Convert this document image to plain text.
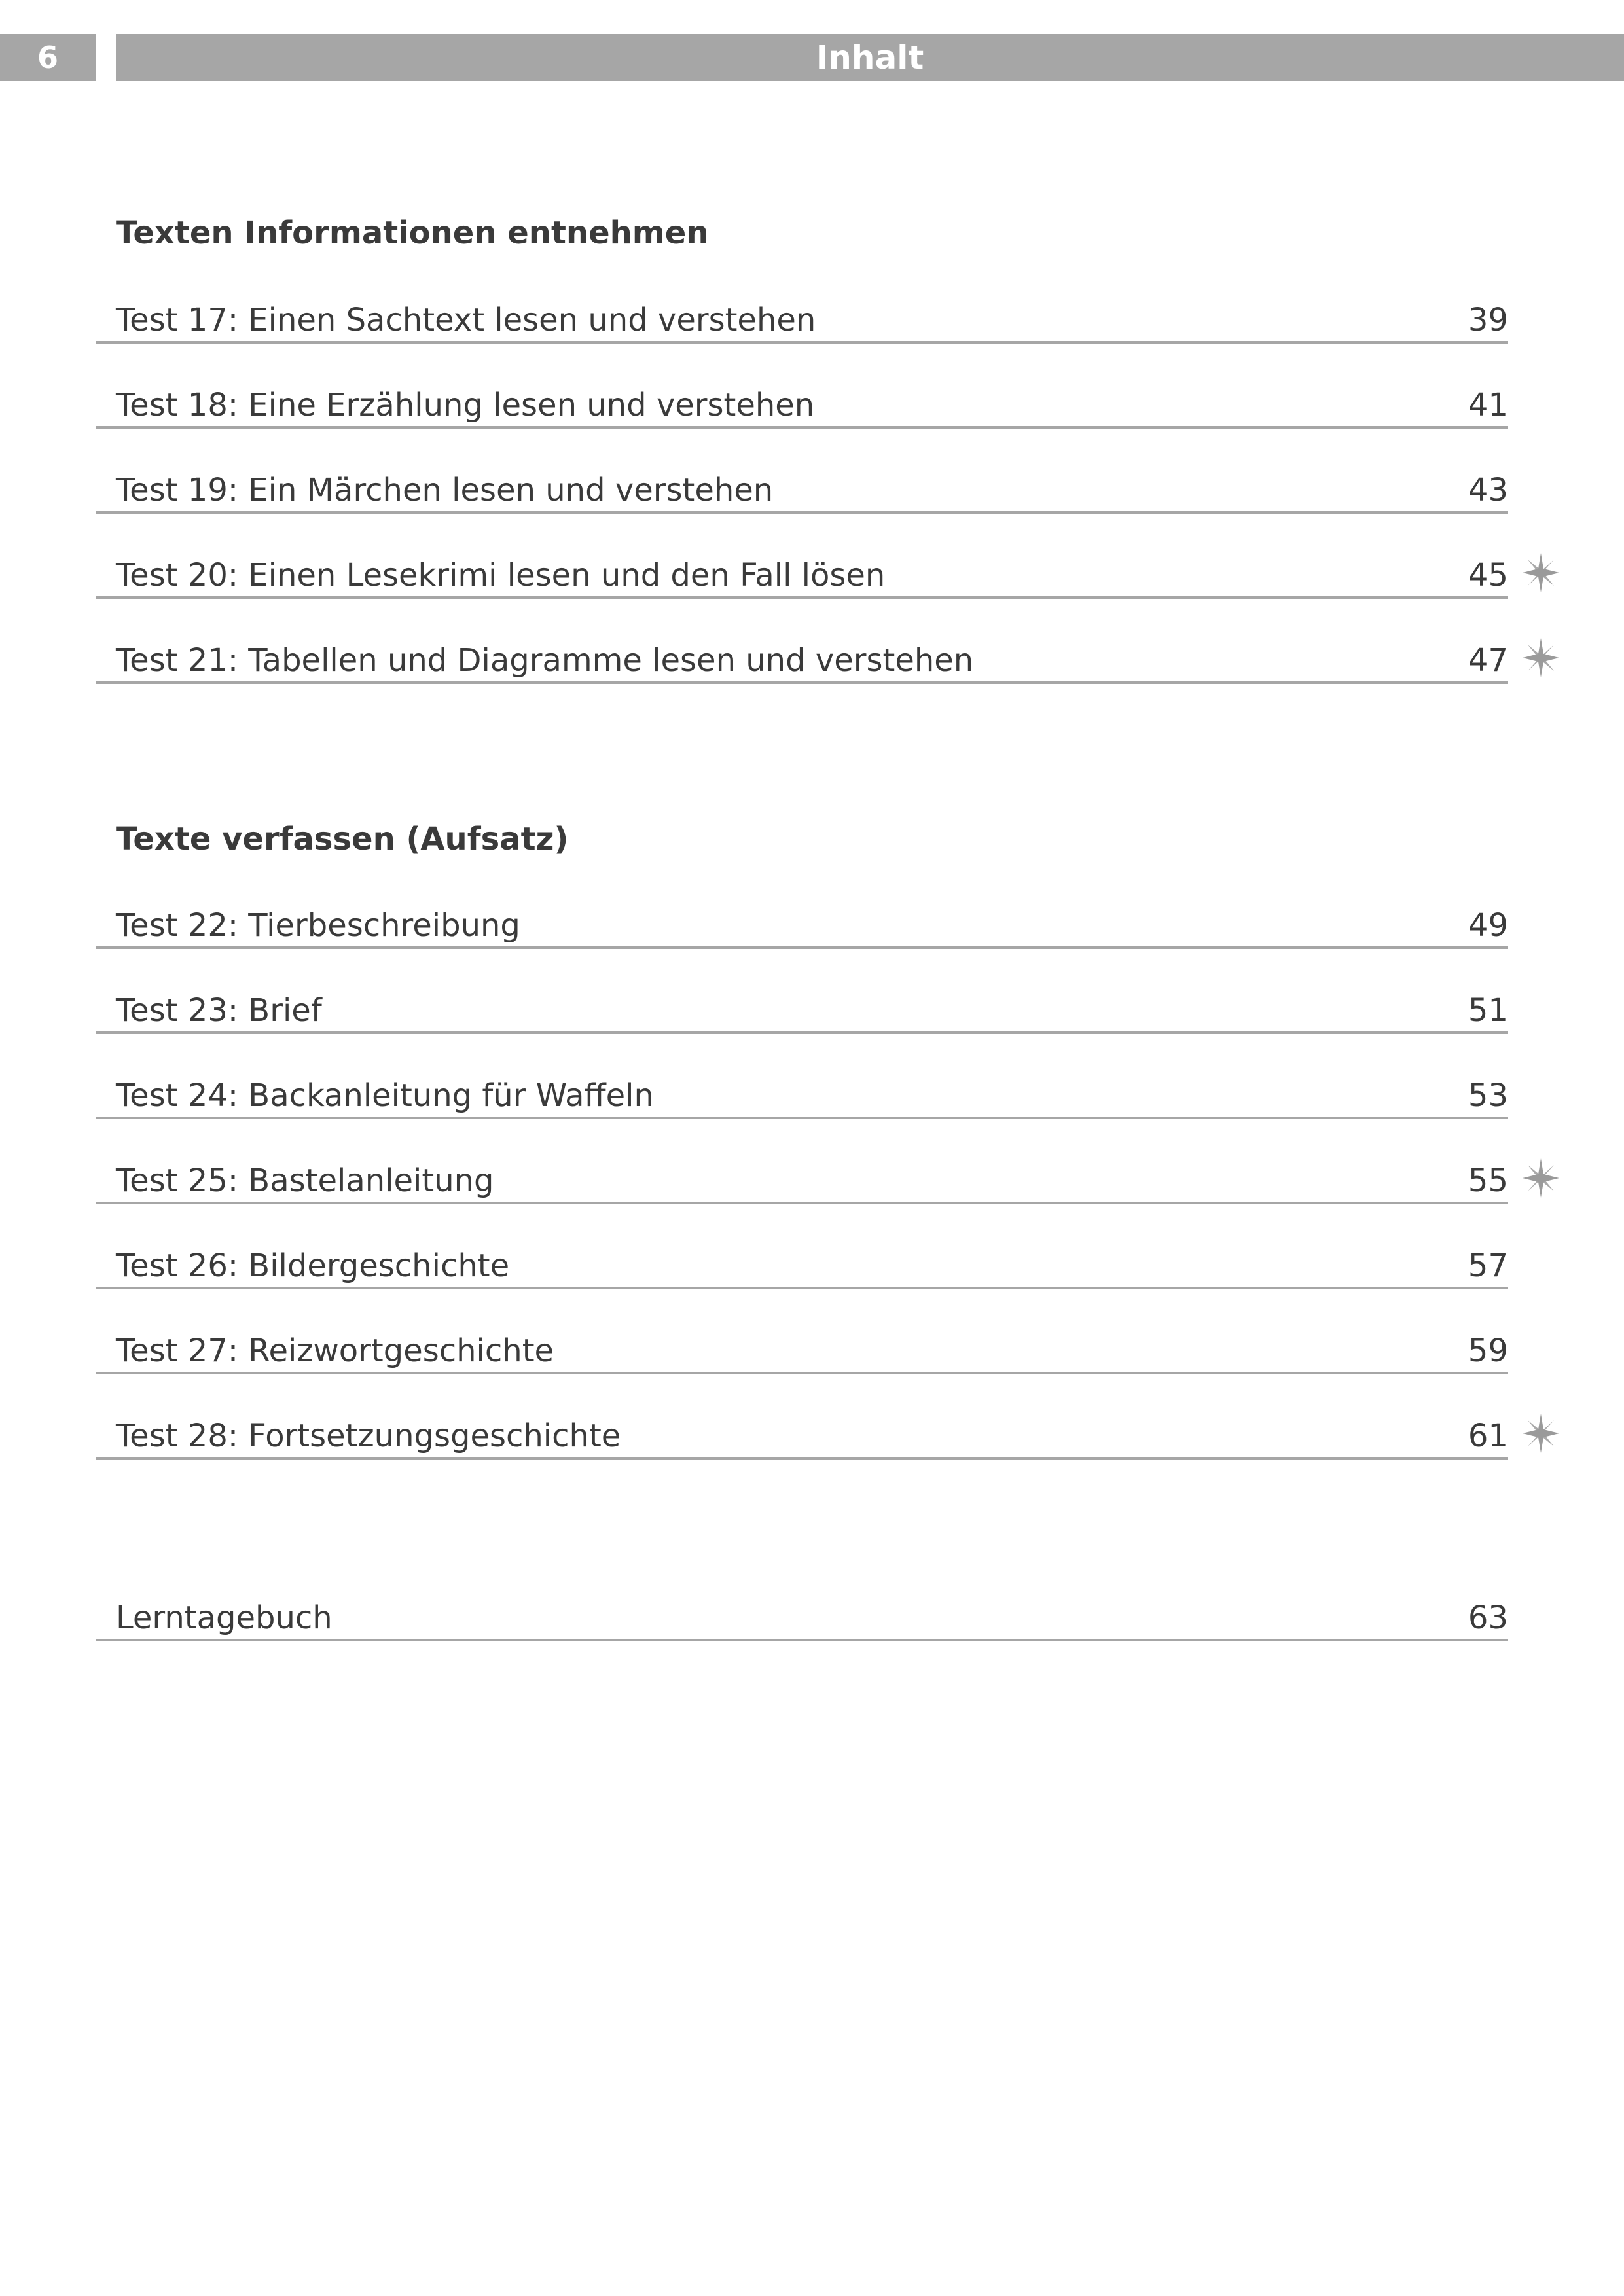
6	Inhalt
Texten Informationen entnehmen
Test 17: Einen Sachtext lesen und verstehen	39
Test 18: Eine Erzählung lesen und verstehen	41
Test 19: Ein Märchen lesen und verstehen	43
Test 20: Einen Lesekrimi lesen und den Fall lösen	45
Test 21: Tabellen und Diagramme lesen und verstehen	47
Texte verfassen (Aufsatz)
Test 22: Tierbeschreibung	49
Test 23: Brief	51
Test 24: Backanleitung für Waffeln	53
Test 25: Bastelanleitung	55
Test 26: Bildergeschichte	57
Test 27: Reizwortgeschichte	59
Test 28: Fortsetzungsgeschichte	61
Lerntagebuch	63
